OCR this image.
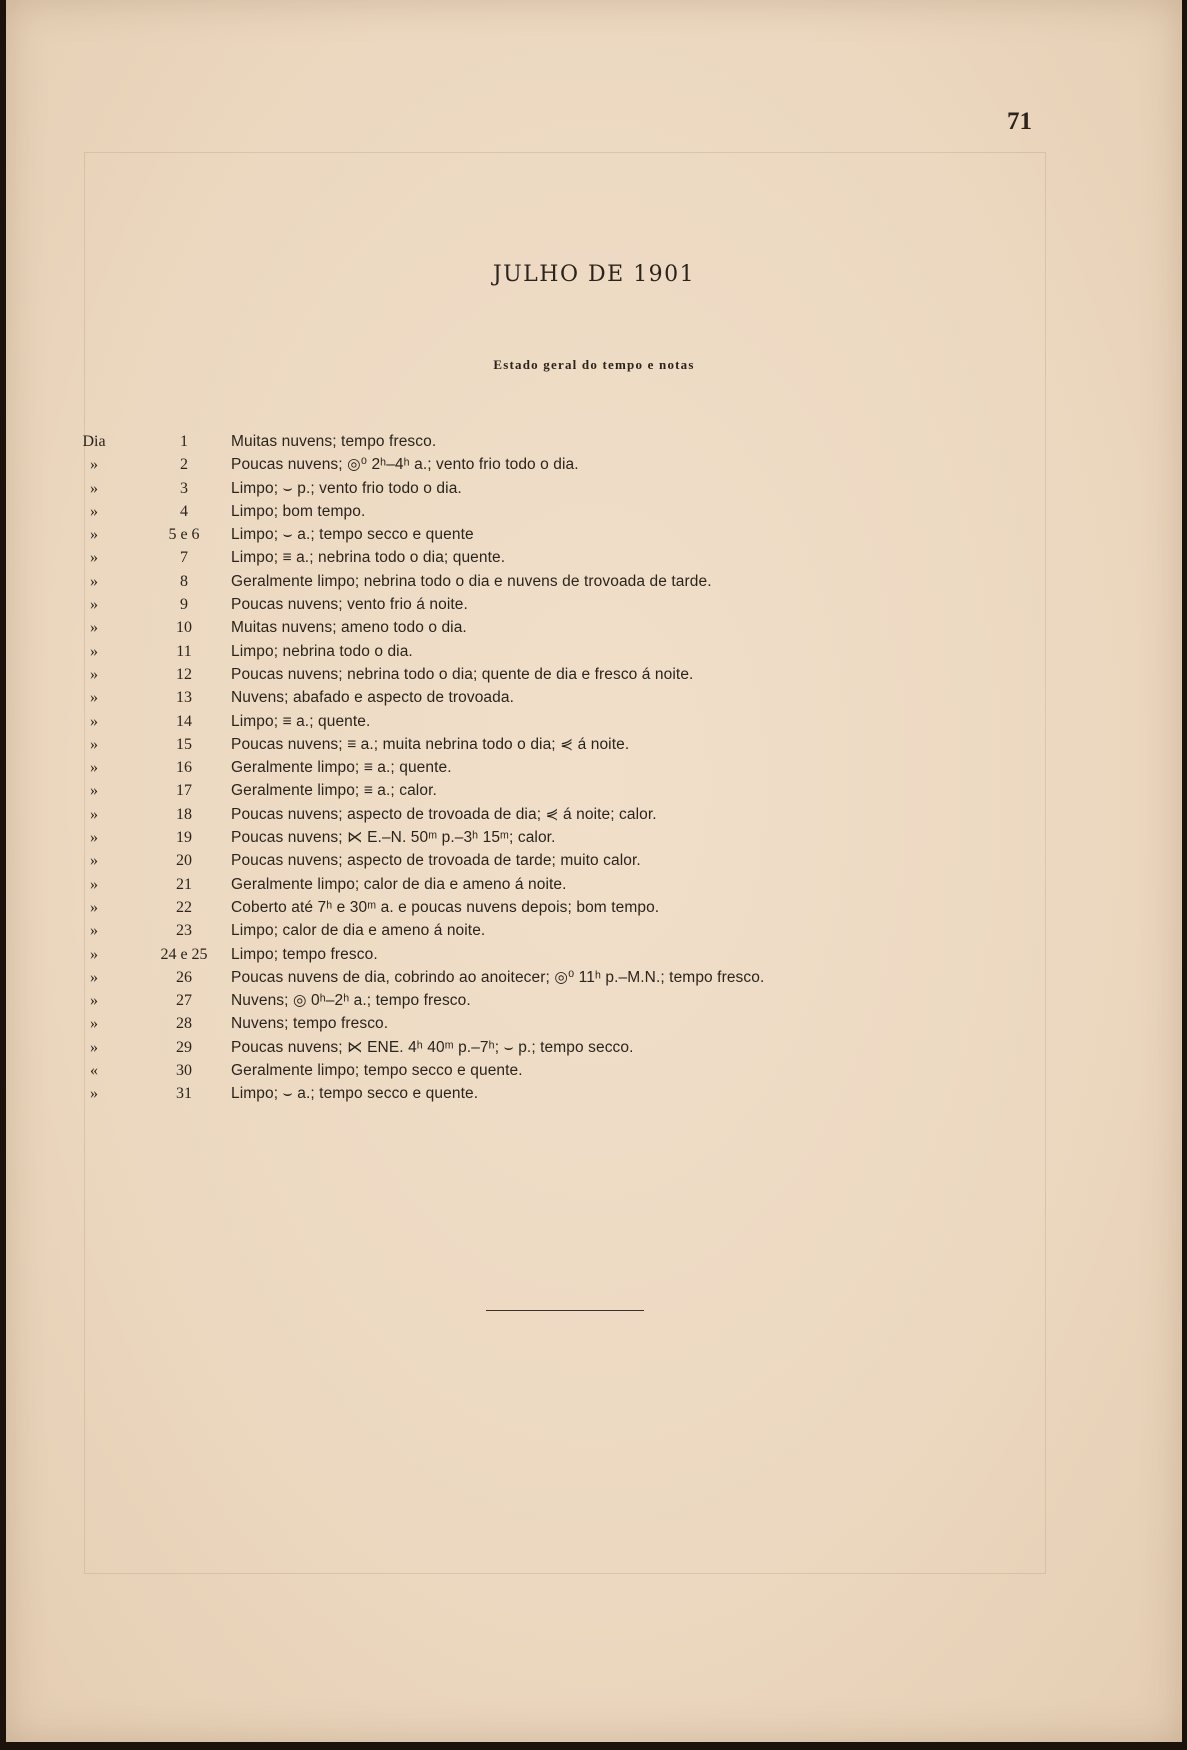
71
JULHO DE 1901
Estado geral do tempo e notas
Dia	1	Muitas nuvens; tempo fresco.
»	2	Poucas nuvens; ◎⁰ 2ʰ–4ʰ a.; vento frio todo o dia.
»	3	Limpo; ⌣ p.; vento frio todo o dia.
»	4	Limpo; bom tempo.
»	5 e 6	Limpo; ⌣ a.; tempo secco e quente
»	7	Limpo; ≡ a.; nebrina todo o dia; quente.
»	8	Geralmente limpo; nebrina todo o dia e nuvens de trovoada de tarde.
»	9	Poucas nuvens; vento frio á noite.
»	10	Muitas nuvens; ameno todo o dia.
»	11	Limpo; nebrina todo o dia.
»	12	Poucas nuvens; nebrina todo o dia; quente de dia e fresco á noite.
»	13	Nuvens; abafado e aspecto de trovoada.
»	14	Limpo; ≡ a.; quente.
»	15	Poucas nuvens; ≡ a.; muita nebrina todo o dia; ⋞ á noite.
»	16	Geralmente limpo; ≡ a.; quente.
»	17	Geralmente limpo; ≡ a.; calor.
»	18	Poucas nuvens; aspecto de trovoada de dia; ⋞ á noite; calor.
»	19	Poucas nuvens; ⋉ E.–N. 50ᵐ p.–3ʰ 15ᵐ; calor.
»	20	Poucas nuvens; aspecto de trovoada de tarde; muito calor.
»	21	Geralmente limpo; calor de dia e ameno á noite.
»	22	Coberto até 7ʰ e 30ᵐ a. e poucas nuvens depois; bom tempo.
»	23	Limpo; calor de dia e ameno á noite.
»	24 e 25	Limpo; tempo fresco.
»	26	Poucas nuvens de dia, cobrindo ao anoitecer; ◎⁰ 11ʰ p.–M.N.; tempo fresco.
»	27	Nuvens; ◎ 0ʰ–2ʰ a.; tempo fresco.
»	28	Nuvens; tempo fresco.
»	29	Poucas nuvens; ⋉ ENE. 4ʰ 40ᵐ p.–7ʰ; ⌣ p.; tempo secco.
«	30	Geralmente limpo; tempo secco e quente.
»	31	Limpo; ⌣ a.; tempo secco e quente.
